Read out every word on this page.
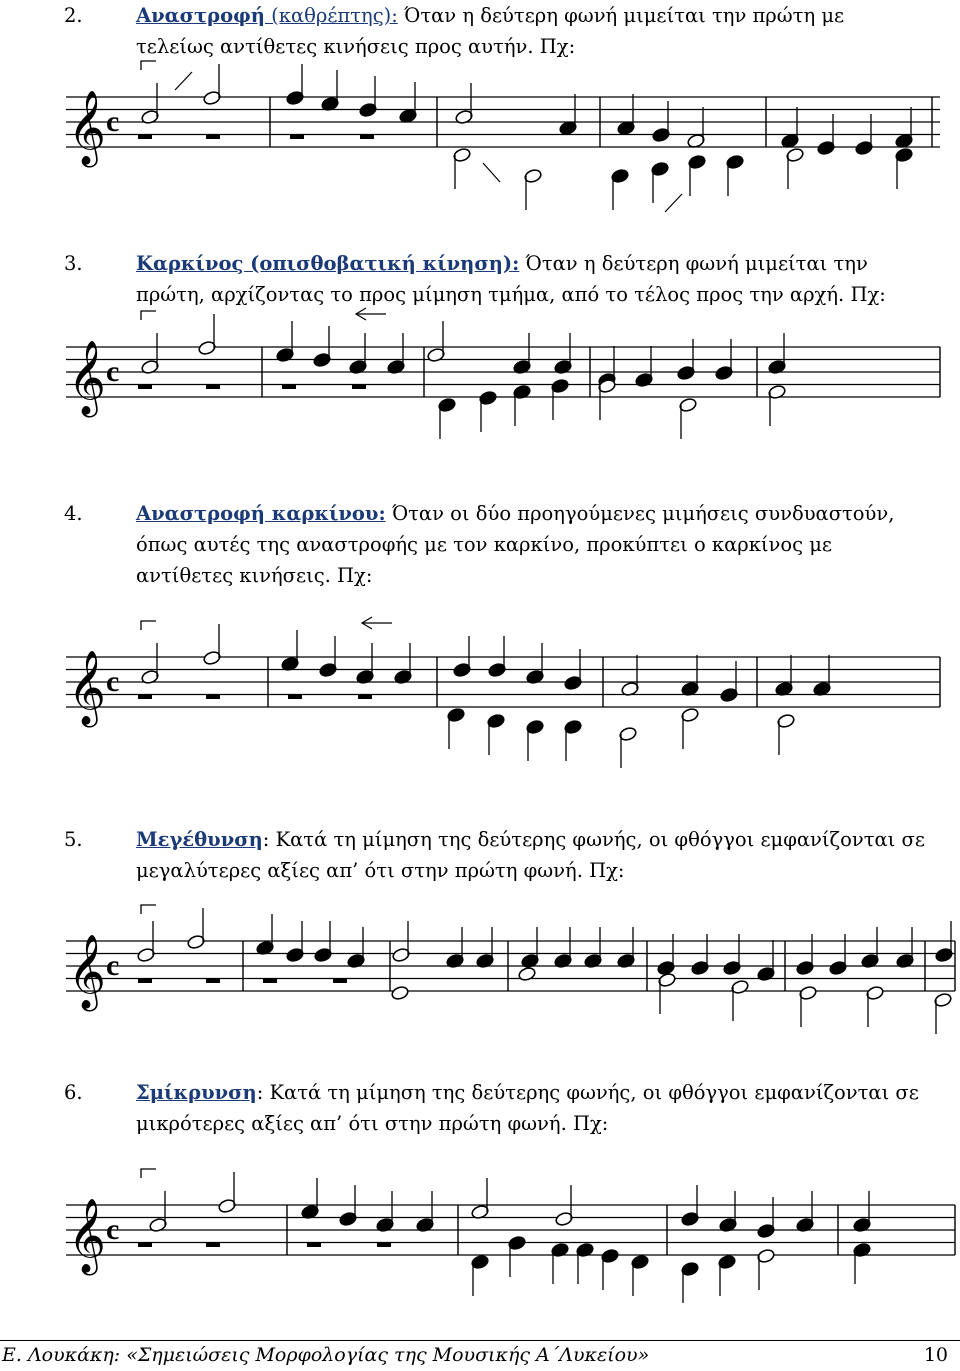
2.	Αναστροφή (καθρέπτης): Όταν η δεύτερη φωνή μιμείται την πρώτη με τελείως αντίθετες κινήσεις προς αυτήν. Πχ:
3.	Καρκίνος (οπισθοβατική κίνηση): Όταν η δεύτερη φωνή μιμείται την πρώτη, αρχίζοντας το προς μίμηση τμήμα, από το τέλος προς την αρχή. Πχ:
4.	Αναστροφή καρκίνου: Όταν οι δύο προηγούμενες μιμήσεις συνδυαστούν, όπως αυτές της αναστροφής με τον καρκίνο, προκύπτει ο καρκίνος με αντίθετες κινήσεις. Πχ:
5.	Μεγέθυνση: Κατά τη μίμηση της δεύτερης φωνής, οι φθόγγοι εμφανίζονται σε μεγαλύτερες αξίες απ’ ότι στην πρώτη φωνή. Πχ:
6.	Σμίκρυνση: Κατά τη μίμηση της δεύτερης φωνής, οι φθόγγοι εμφανίζονται σε μικρότερες αξίες απ’ ότι στην πρώτη φωνή. Πχ:
𝄞 c
𝄞 c
𝄞 c
𝄞 c
𝄞 c
Ε. Λουκάκη: «Σημειώσεις Μορφολογίας της Μουσικής Α΄Λυκείου»	10
